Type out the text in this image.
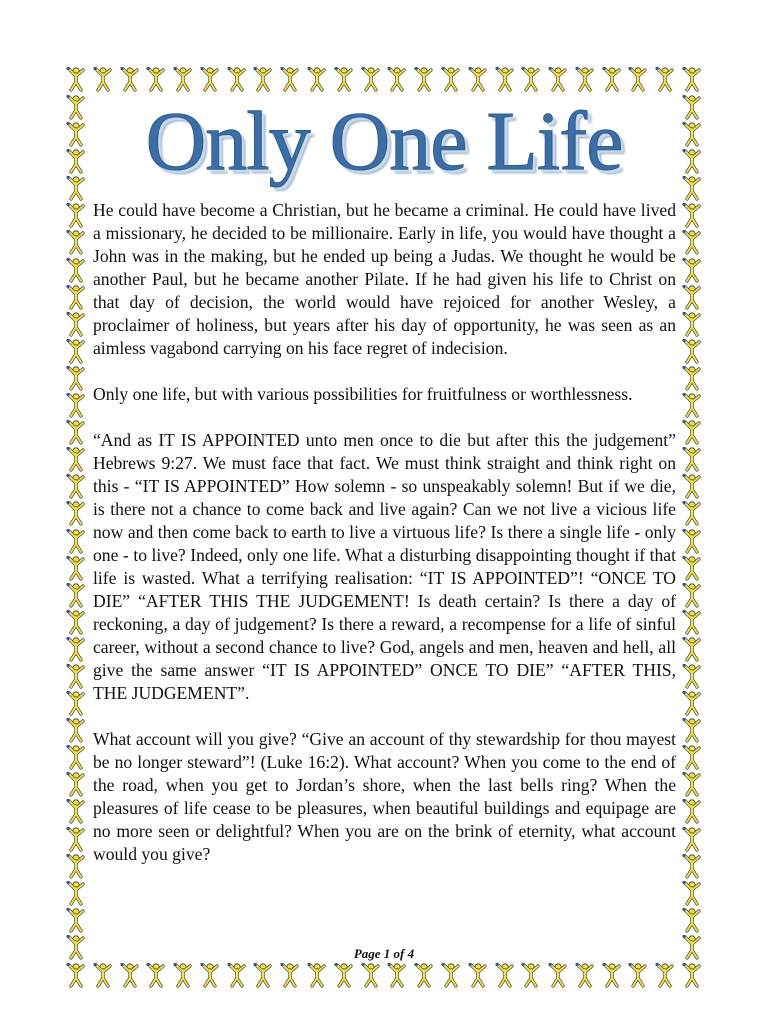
Only One Life

He could have become a Christian, but he became a criminal. He could have lived a missionary, he decided to be millionaire. Early in life, you would have thought a John was in the making, but he ended up being a Judas. We thought he would be another Paul, but he became another Pilate. If he had given his life to Christ on that day of decision, the world would have rejoiced for another Wesley, a proclaimer of holiness, but years after his day of opportunity, he was seen as an aimless vagabond carrying on his face regret of indecision.

Only one life, but with various possibilities for fruitfulness or worthlessness.

“And as IT IS APPOINTED unto men once to die but after this the judgement” Hebrews 9:27. We must face that fact. We must think straight and think right on this - “IT IS APPOINTED” How solemn - so unspeakably solemn! But if we die, is there not a chance to come back and live again? Can we not live a vicious life now and then come back to earth to live a virtuous life? Is there a single life - only one - to live? Indeed, only one life. What a disturbing disappointing thought if that life is wasted. What a terrifying realisation: “IT IS APPOINTED”! “ONCE TO DIE” “AFTER THIS THE JUDGEMENT! Is death certain? Is there a day of reckoning, a day of judgement? Is there a reward, a recompense for a life of sinful career, without a second chance to live? God, angels and men, heaven and hell, all give the same answer “IT IS APPOINTED” ONCE TO DIE” “AFTER THIS, THE JUDGEMENT”.

What account will you give? “Give an account of thy stewardship for thou mayest be no longer steward”! (Luke 16:2). What account? When you come to the end of the road, when you get to Jordan’s shore, when the last bells ring? When the pleasures of life cease to be pleasures, when beautiful buildings and equipage are no more seen or delightful? When you are on the brink of eternity, what account would you give?

Page 1 of 4
